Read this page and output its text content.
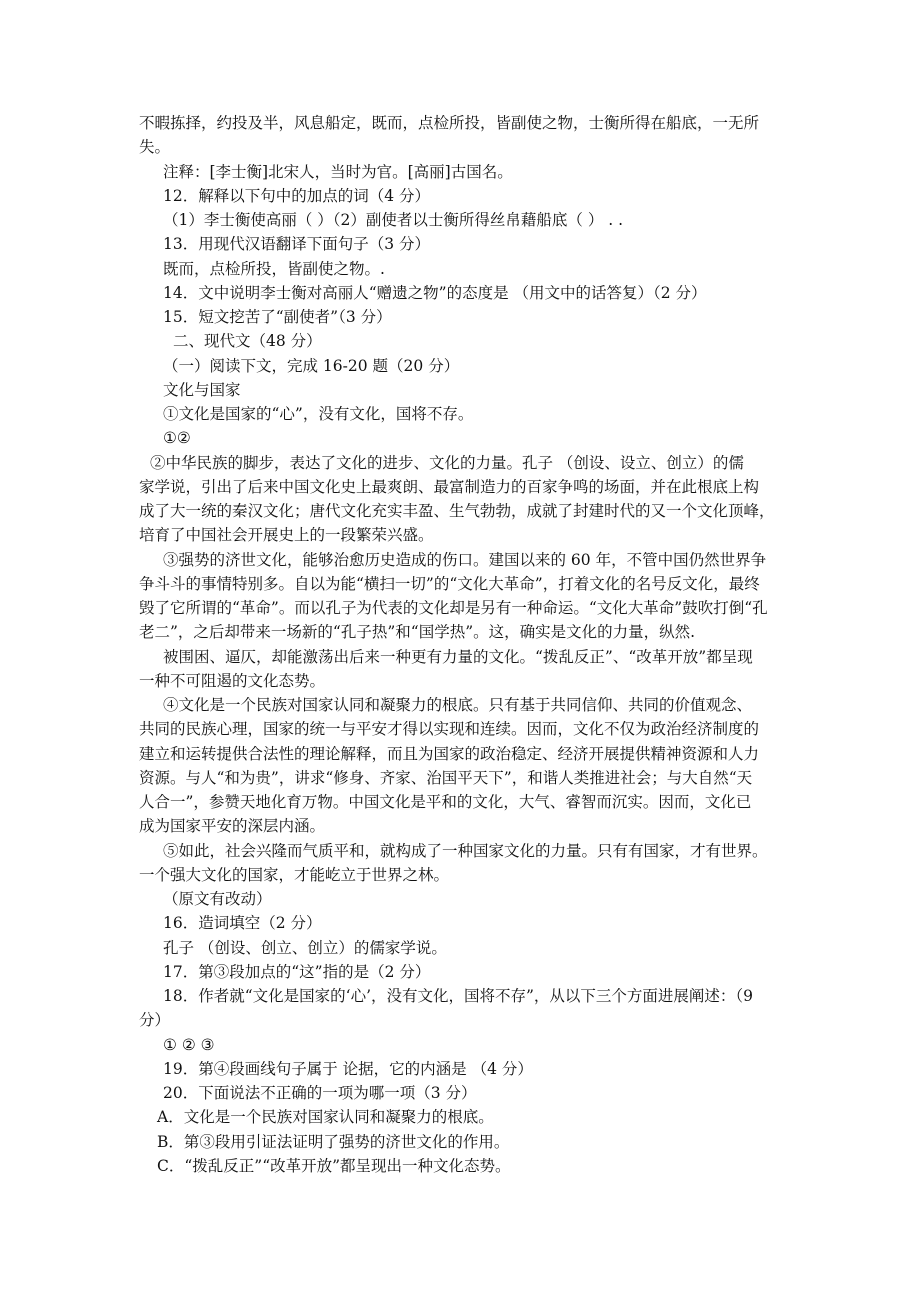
不暇拣择，约投及半，风息船定，既而，点检所投，皆副使之物，士衡所得在船底，一无所
失。
注释：[李士衡]北宋人，当时为官。[高丽]古国名。
12．解释以下句中的加点的词（4 分）
（1）李士衡使高丽（ ）（2）副使者以士衡所得丝帛藉船底（ ） . .
13．用现代汉语翻译下面句子（3 分）
既而，点检所投，皆副使之物。.
14．文中说明李士衡对高丽人“赠遗之物”的态度是 （用文中的话答复）（2 分）
15．短文挖苦了“副使者”（3 分）
二、现代文（48 分）
（一）阅读下文，完成 16-20 题（20 分）
文化与国家
①文化是国家的“心”，没有文化，国将不存。
①②
②中华民族的脚步，表达了文化的进步、文化的力量。孔子 （创设、设立、创立）的儒
家学说，引出了后来中国文化史上最爽朗、最富制造力的百家争鸣的场面，并在此根底上构
成了大一统的秦汉文化；唐代文化充实丰盈、生气勃勃，成就了封建时代的又一个文化顶峰，
培育了中国社会开展史上的一段繁荣兴盛。
③强势的济世文化，能够治愈历史造成的伤口。建国以来的 60 年，不管中国仍然世界争
争斗斗的事情特别多。自以为能“横扫一切”的“文化大革命”，打着文化的名号反文化，最终
毁了它所谓的“革命”。而以孔子为代表的文化却是另有一种命运。“文化大革命”鼓吹打倒“孔
老二”，之后却带来一场新的“孔子热”和“国学热”。这，确实是文化的力量，纵然.
被围困、逼仄，却能激荡出后来一种更有力量的文化。“拨乱反正”、“改革开放”都呈现
一种不可阻遏的文化态势。
④文化是一个民族对国家认同和凝聚力的根底。只有基于共同信仰、共同的价值观念、
共同的民族心理，国家的统一与平安才得以实现和连续。因而，文化不仅为政治经济制度的
建立和运转提供合法性的理论解释，而且为国家的政治稳定、经济开展提供精神资源和人力
资源。与人“和为贵”，讲求“修身、齐家、治国平天下”，和谐人类推进社会；与大自然“天
人合一”，参赞天地化育万物。中国文化是平和的文化，大气、睿智而沉实。因而，文化已
成为国家平安的深层内涵。
⑤如此，社会兴隆而气质平和，就构成了一种国家文化的力量。只有有国家，才有世界。
一个强大文化的国家，才能屹立于世界之林。
（原文有改动）
16．造词填空（2 分）
孔子 （创设、创立、创立）的儒家学说。
17．第③段加点的“这”指的是（2 分）
18．作者就“文化是国家的‘心’，没有文化，国将不存”，从以下三个方面进展阐述：（9
分）
① ② ③
19．第④段画线句子属于 论据，它的内涵是 （4 分）
20．下面说法不正确的一项为哪一项（3 分）
A．文化是一个民族对国家认同和凝聚力的根底。
B．第③段用引证法证明了强势的济世文化的作用。
C．“拨乱反正”“改革开放”都呈现出一种文化态势。
